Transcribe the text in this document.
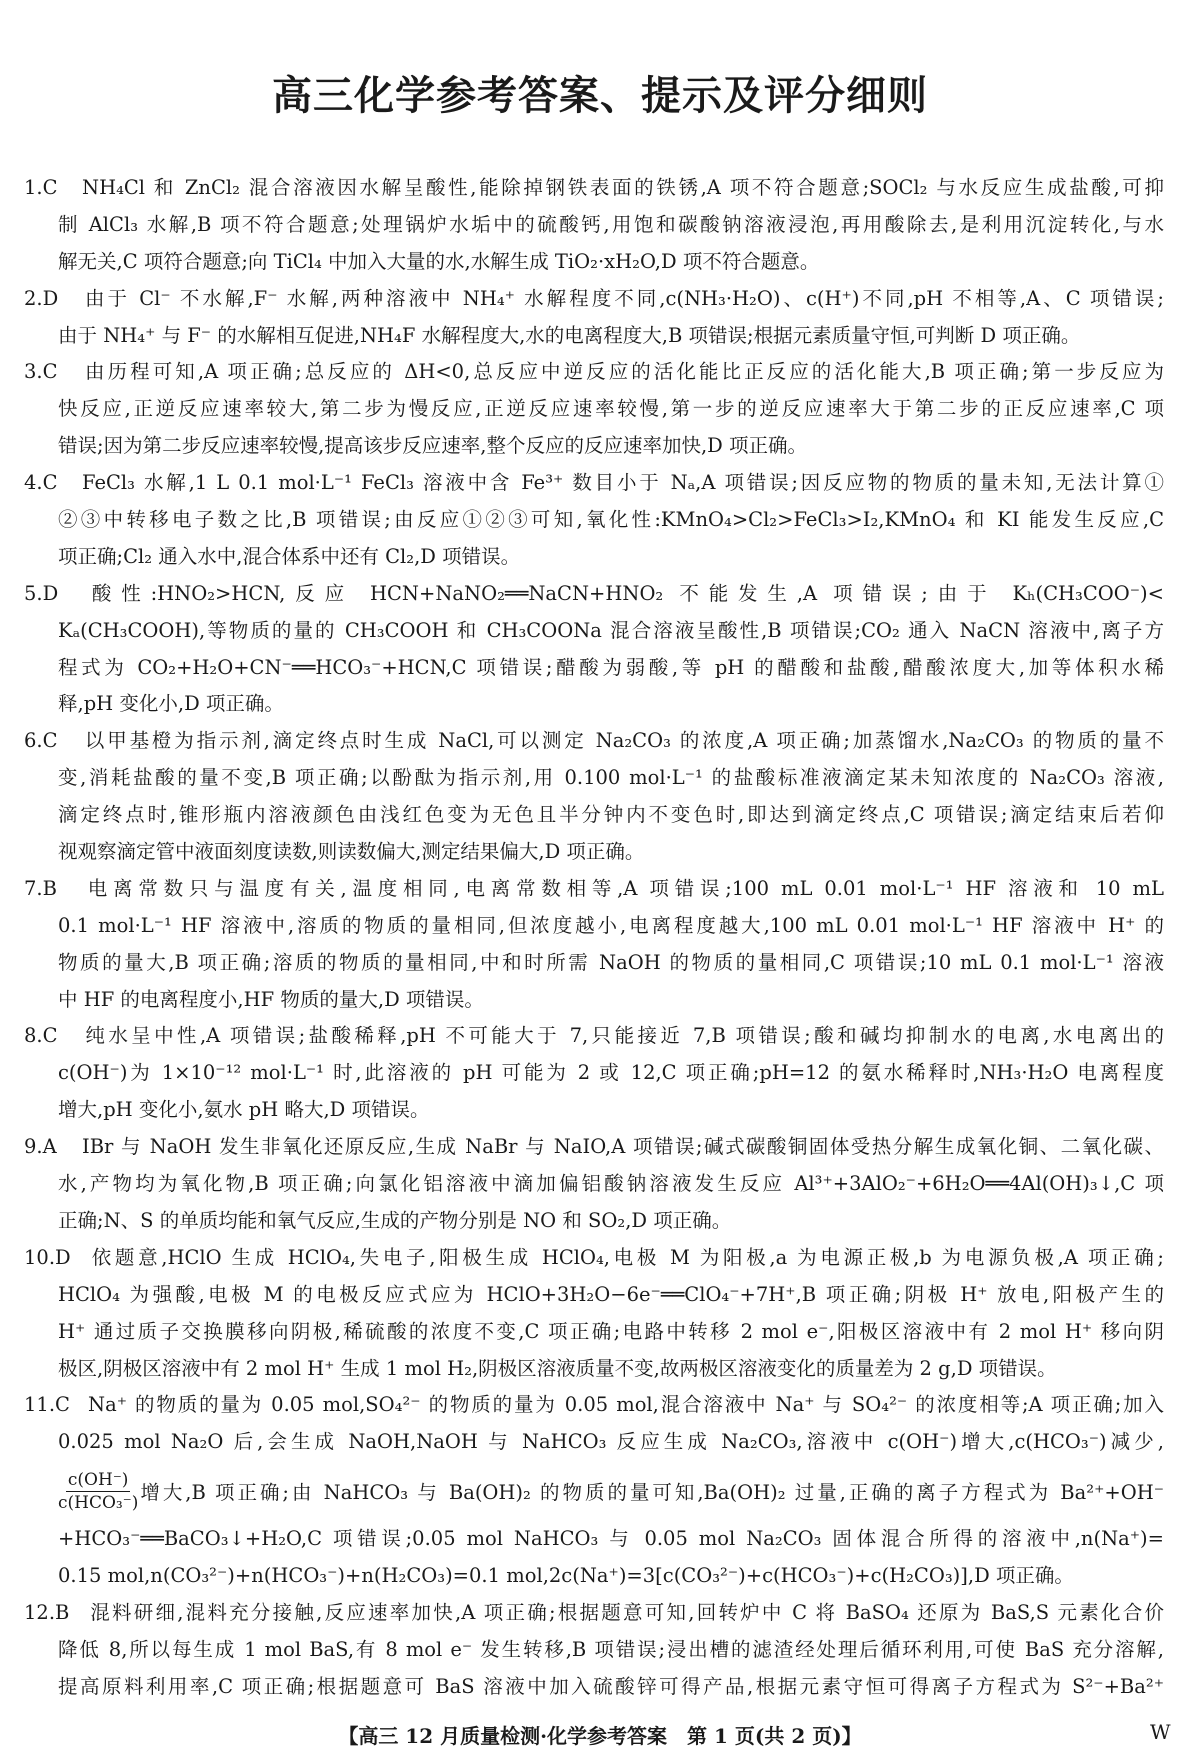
高三化学参考答案、提示及评分细则
1.C NH₄Cl 和 ZnCl₂ 混合溶液因水解呈酸性,能除掉钢铁表面的铁锈,A 项不符合题意;SOCl₂ 与水反应生成盐酸,可抑
制 AlCl₃ 水解,B 项不符合题意;处理锅炉水垢中的硫酸钙,用饱和碳酸钠溶液浸泡,再用酸除去,是利用沉淀转化,与水
解无关,C 项符合题意;向 TiCl₄ 中加入大量的水,水解生成 TiO₂·xH₂O,D 项不符合题意。
2.D 由于 Cl⁻ 不水解,F⁻ 水解,两种溶液中 NH₄⁺ 水解程度不同,c(NH₃·H₂O)、c(H⁺)不同,pH 不相等,A、C 项错误;
由于 NH₄⁺ 与 F⁻ 的水解相互促进,NH₄F 水解程度大,水的电离程度大,B 项错误;根据元素质量守恒,可判断 D 项正确。
3.C 由历程可知,A 项正确;总反应的 ΔH<0,总反应中逆反应的活化能比正反应的活化能大,B 项正确;第一步反应为
快反应,正逆反应速率较大,第二步为慢反应,正逆反应速率较慢,第一步的逆反应速率大于第二步的正反应速率,C 项
错误;因为第二步反应速率较慢,提高该步反应速率,整个反应的反应速率加快,D 项正确。
4.C FeCl₃ 水解,1 L 0.1 mol·L⁻¹ FeCl₃ 溶液中含 Fe³⁺ 数目小于 Nₐ,A 项错误;因反应物的物质的量未知,无法计算①
②③中转移电子数之比,B 项错误;由反应①②③可知,氧化性:KMnO₄>Cl₂>FeCl₃>I₂,KMnO₄ 和 KI 能发生反应,C
项正确;Cl₂ 通入水中,混合体系中还有 Cl₂,D 项错误。
5.D 酸性:HNO₂>HCN,反应 HCN+NaNO₂══NaCN+HNO₂ 不能发生,A 项错误;由于 Kₕ(CH₃COO⁻)<
Kₐ(CH₃COOH),等物质的量的 CH₃COOH 和 CH₃COONa 混合溶液呈酸性,B 项错误;CO₂ 通入 NaCN 溶液中,离子方
程式为 CO₂+H₂O+CN⁻══HCO₃⁻+HCN,C 项错误;醋酸为弱酸,等 pH 的醋酸和盐酸,醋酸浓度大,加等体积水稀
释,pH 变化小,D 项正确。
6.C 以甲基橙为指示剂,滴定终点时生成 NaCl,可以测定 Na₂CO₃ 的浓度,A 项正确;加蒸馏水,Na₂CO₃ 的物质的量不
变,消耗盐酸的量不变,B 项正确;以酚酞为指示剂,用 0.100 mol·L⁻¹ 的盐酸标准液滴定某未知浓度的 Na₂CO₃ 溶液,
滴定终点时,锥形瓶内溶液颜色由浅红色变为无色且半分钟内不变色时,即达到滴定终点,C 项错误;滴定结束后若仰
视观察滴定管中液面刻度读数,则读数偏大,测定结果偏大,D 项正确。
7.B 电离常数只与温度有关,温度相同,电离常数相等,A 项错误;100 mL 0.01 mol·L⁻¹ HF 溶液和 10 mL
0.1 mol·L⁻¹ HF 溶液中,溶质的物质的量相同,但浓度越小,电离程度越大,100 mL 0.01 mol·L⁻¹ HF 溶液中 H⁺ 的
物质的量大,B 项正确;溶质的物质的量相同,中和时所需 NaOH 的物质的量相同,C 项错误;10 mL 0.1 mol·L⁻¹ 溶液
中 HF 的电离程度小,HF 物质的量大,D 项错误。
8.C 纯水呈中性,A 项错误;盐酸稀释,pH 不可能大于 7,只能接近 7,B 项错误;酸和碱均抑制水的电离,水电离出的
c(OH⁻)为 1×10⁻¹² mol·L⁻¹ 时,此溶液的 pH 可能为 2 或 12,C 项正确;pH=12 的氨水稀释时,NH₃·H₂O 电离程度
增大,pH 变化小,氨水 pH 略大,D 项错误。
9.A IBr 与 NaOH 发生非氧化还原反应,生成 NaBr 与 NaIO,A 项错误;碱式碳酸铜固体受热分解生成氧化铜、二氧化碳、
水,产物均为氧化物,B 项正确;向氯化铝溶液中滴加偏铝酸钠溶液发生反应 Al³⁺+3AlO₂⁻+6H₂O══4Al(OH)₃↓,C 项
正确;N、S 的单质均能和氧气反应,生成的产物分别是 NO 和 SO₂,D 项正确。
10.D 依题意,HClO 生成 HClO₄,失电子,阳极生成 HClO₄,电极 M 为阳极,a 为电源正极,b 为电源负极,A 项正确;
HClO₄ 为强酸,电极 M 的电极反应式应为 HClO+3H₂O−6e⁻══ClO₄⁻+7H⁺,B 项正确;阴极 H⁺ 放电,阳极产生的
H⁺ 通过质子交换膜移向阴极,稀硫酸的浓度不变,C 项正确;电路中转移 2 mol e⁻,阳极区溶液中有 2 mol H⁺ 移向阴
极区,阴极区溶液中有 2 mol H⁺ 生成 1 mol H₂,阴极区溶液质量不变,故两极区溶液变化的质量差为 2 g,D 项错误。
11.C Na⁺ 的物质的量为 0.05 mol,SO₄²⁻ 的物质的量为 0.05 mol,混合溶液中 Na⁺ 与 SO₄²⁻ 的浓度相等;A 项正确;加入
0.025 mol Na₂O 后,会生成 NaOH,NaOH 与 NaHCO₃ 反应生成 Na₂CO₃,溶液中 c(OH⁻)增大,c(HCO₃⁻)减少,
$\frac{c(OH^-)}{\text{c(HCO₃⁻)}}$ 增大,B 项正确;由 NaHCO₃ 与 Ba(OH)₂ 的物质的量可知,Ba(OH)₂ 过量,正确的离子方程式为 Ba²⁺+OH⁻
+HCO₃⁻══BaCO₃↓+H₂O,C 项错误;0.05 mol NaHCO₃ 与 0.05 mol Na₂CO₃ 固体混合所得的溶液中,n(Na⁺)=
0.15 mol,n(CO₃²⁻)+n(HCO₃⁻)+n(H₂CO₃)=0.1 mol,2c(Na⁺)=3[c(CO₃²⁻)+c(HCO₃⁻)+c(H₂CO₃)],D 项正确。
12.B 混料研细,混料充分接触,反应速率加快,A 项正确;根据题意可知,回转炉中 C 将 BaSO₄ 还原为 BaS,S 元素化合价
降低 8,所以每生成 1 mol BaS,有 8 mol e⁻ 发生转移,B 项错误;浸出槽的滤渣经处理后循环利用,可使 BaS 充分溶解,
提高原料利用率,C 项正确;根据题意可 BaS 溶液中加入硫酸锌可得产品,根据元素守恒可得离子方程式为 S²⁻+Ba²⁺
【高三 12 月质量检测·化学参考答案　第 1 页(共 2 页)】	W
